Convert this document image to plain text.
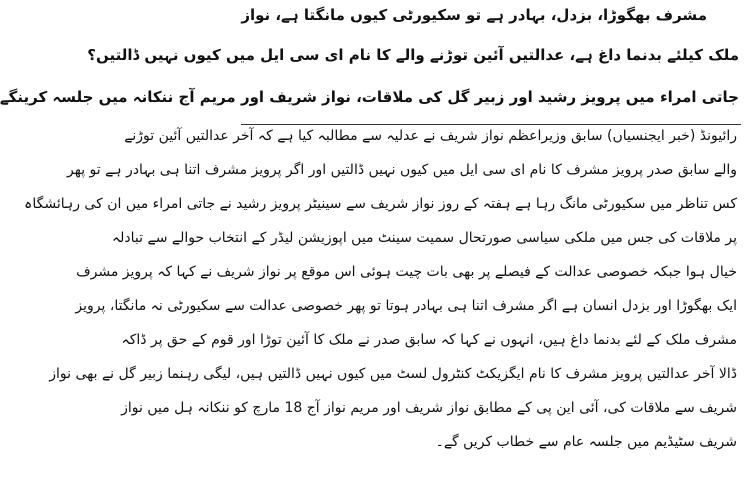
مشرف بھگوڑا، بزدل، بہادر ہے تو سکیورٹی کیوں مانگتا ہے، نواز
ملک کیلئے بدنما داغ ہے، عدالتیں آئین توڑنے والے کا نام ای سی ایل میں کیوں نہیں ڈالتیں؟
جاتی امراء میں پرویز رشید اور زبیر گل کی ملاقات، نواز شریف اور مریم آج ننکانہ میں جلسہ کرینگے
رائیونڈ (خبر ایجنسیاں) سابق وزیراعظم نواز شریف نے عدلیہ سے مطالبہ کیا ہے کہ آخر عدالتیں آئین توڑنے
والے سابق صدر پرویز مشرف کا نام ای سی ایل میں کیوں نہیں ڈالتیں اور اگر پرویز مشرف اتنا ہی بہادر ہے تو پھر
کس تناظر میں سکیورٹی مانگ رہا ہے ہفتہ کے روز نواز شریف سے سینیٹر پرویز رشید نے جاتی امراء میں ان کی رہائشگاہ
پر ملاقات کی جس میں ملکی سیاسی صورتحال سمیت سینٹ میں اپوزیشن لیڈر کے انتخاب حوالے سے تبادلہ
خیال ہوا جبکہ خصوصی عدالت کے فیصلے پر بھی بات چیت ہوئی اس موقع پر نواز شریف نے کہا کہ پرویز مشرف
ایک بھگوڑا اور بزدل انسان ہے اگر مشرف اتنا ہی بہادر ہوتا تو پھر خصوصی عدالت سے سکیورٹی نہ مانگتا، پرویز
مشرف ملک کے لئے بدنما داغ ہیں، انہوں نے کہا کہ سابق صدر نے ملک کا آئین توڑا اور قوم کے حق پر ڈاکہ
ڈالا آخر عدالتیں پرویز مشرف کا نام ایگزیکٹ کنٹرول لسٹ میں کیوں نہیں ڈالتیں ہیں، لیگی رہنما زبیر گل نے بھی نواز
شریف سے ملاقات کی، آئی این پی کے مطابق نواز شریف اور مریم نواز آج 18 مارچ کو ننکانہ ہل میں نواز
شریف سٹیڈیم میں جلسہ عام سے خطاب کریں گے۔
